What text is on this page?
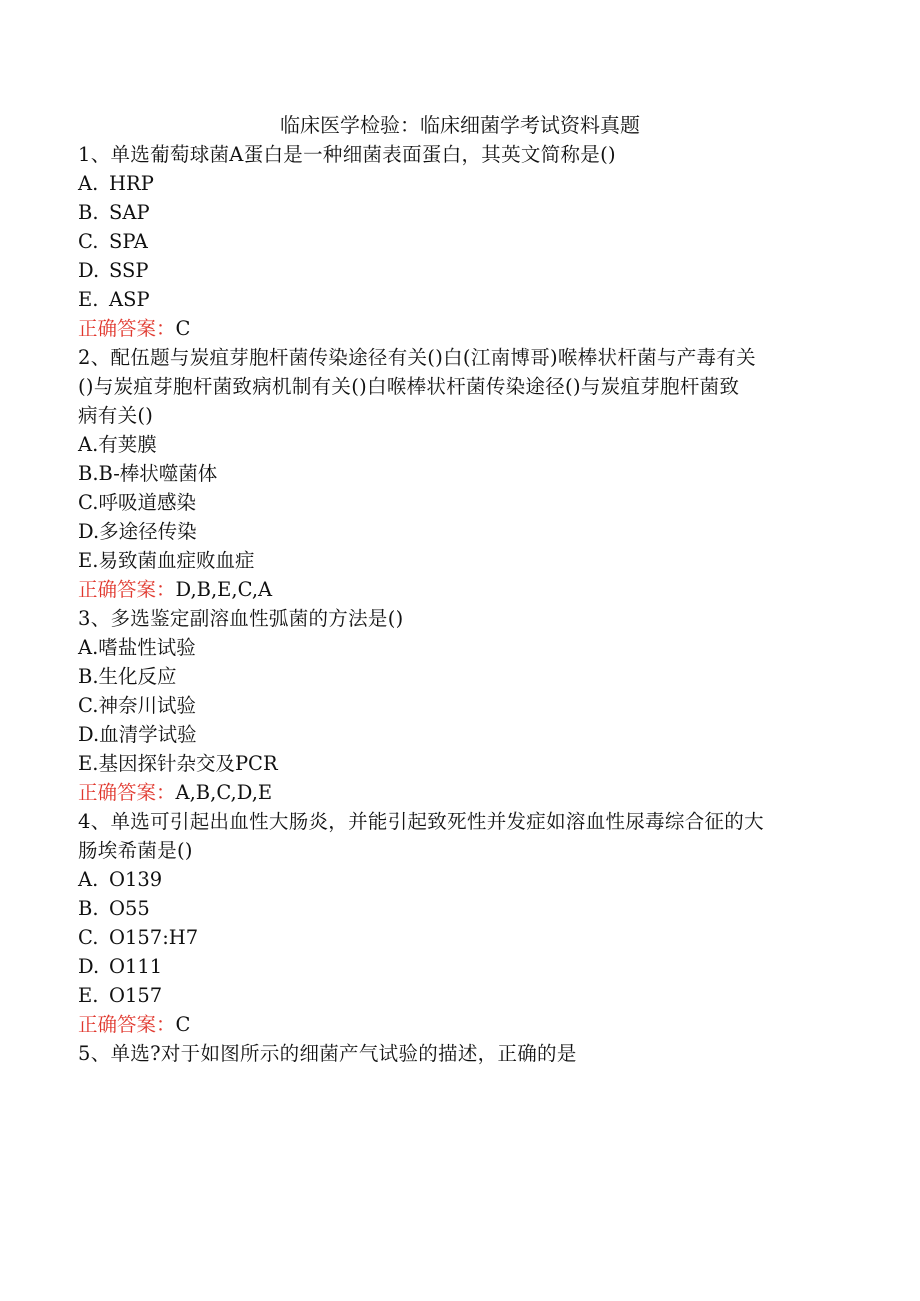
临床医学检验：临床细菌学考试资料真题
1、单选葡萄球菌A蛋白是一种细菌表面蛋白，其英文简称是()
A. HRP
B. SAP
C. SPA
D. SSP
E. ASP
正确答案：C
2、配伍题与炭疽芽胞杆菌传染途径有关()白(江南博哥)喉棒状杆菌与产毒有关
()与炭疽芽胞杆菌致病机制有关()白喉棒状杆菌传染途径()与炭疽芽胞杆菌致
病有关()
A.有荚膜
B.B-棒状噬菌体
C.呼吸道感染
D.多途径传染
E.易致菌血症败血症
正确答案：D,B,E,C,A
3、多选鉴定副溶血性弧菌的方法是()
A.嗜盐性试验
B.生化反应
C.神奈川试验
D.血清学试验
E.基因探针杂交及PCR
正确答案：A,B,C,D,E
4、单选可引起出血性大肠炎，并能引起致死性并发症如溶血性尿毒综合征的大
肠埃希菌是()
A. O139
B. O55
C. O157:H7
D. O111
E. O157
正确答案：C
5、单选?对于如图所示的细菌产气试验的描述，正确的是
